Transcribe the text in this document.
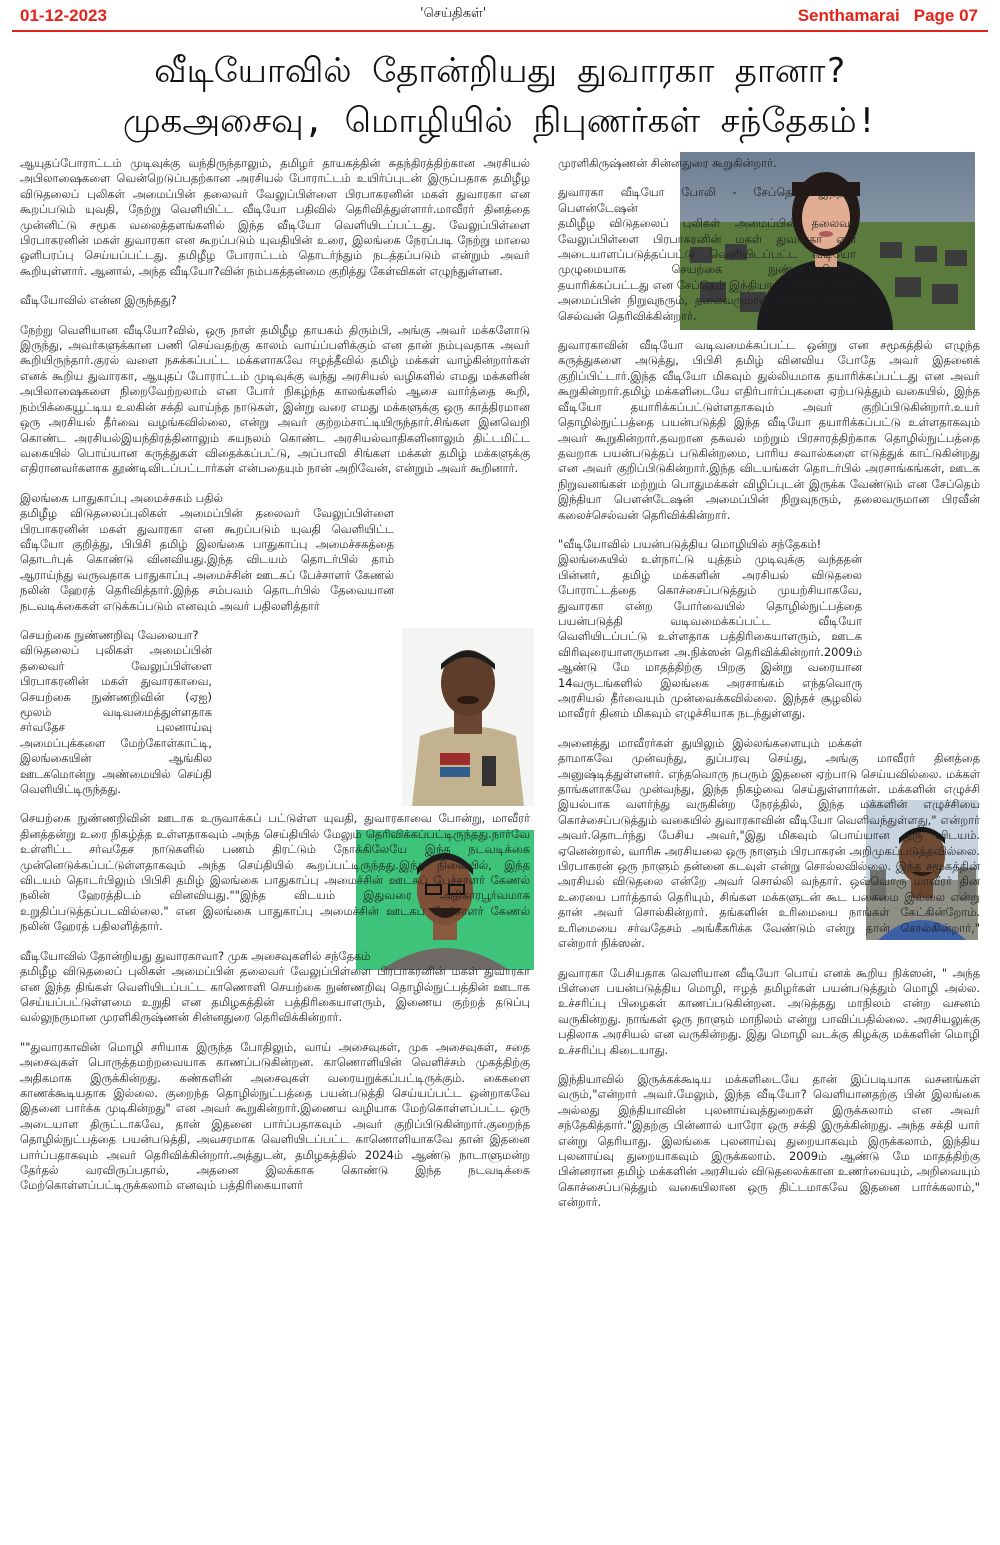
01-12-2023	'செய்திகள்'	Senthamarai Page 07
வீடியோவில் தோன்றியது துவாரகா தானா?
முகஅசைவு, மொழியில் நிபுணர்கள் சந்தேகம்!

ஆயுதப்போராட்டம் முடிவுக்கு வந்திருந்தாலும், தமிழர் தாயகத்தின் சுதந்திரத்திற்கான அரசியல் அபிலாஷைகளை வென்றெடுப்பதற்கான அரசியல் போராட்டம் உயிர்ப்புடன் இருப்பதாக தமிழீழ விடுதலைப் புலிகள் அமைப்பின் தலைவர் வேலுப்பிள்ளை பிரபாகரனின் மகள் துவாரகா என கூறப்படும் யுவதி, நேற்று வெளியிட்ட வீடியோ பதிவில் தெரிவித்துள்ளார்.மாவீரர் தினத்தை முன்னிட்டு சமூக வலைத்தளங்களில் இந்த வீடியோ வெளியிடப்பட்டது. வேலுப்பிள்ளை பிரபாகரனின் மகள் துவாரகா என கூறப்படும் யுவதியின் உரை, இலங்கை நேரப்படி நேற்று மாலை ஒளிபரப்பு செய்யப்பட்டது. தமிழீழ போராட்டம் தொடர்ந்தும் நடத்தப்படும் என்றும் அவர் கூறியுள்ளார். ஆனால், அந்த வீடியோ?வின் நம்பகத்தன்மை குறித்து கேள்விகள் எழுந்துள்ளன.

வீடியோவில் என்ன இருந்தது?

நேற்று வெளியான வீடியோ?வில், ஒரு நாள் தமிழீழ தாயகம் திரும்பி, அங்கு அவர் மக்களோடு இருந்து, அவர்களுக்கான பணி செய்வதற்கு காலம் வாய்ப்பளிக்கும் என தான் நம்புவதாக அவர் கூறியிருந்தார்.குரல் வளை நசுக்கப்பட்ட மக்களாகவே ஈழத்தீவில் தமிழ் மக்கள் வாழ்கின்றார்கள் எனக் கூறிய துவாரகா, ஆயுதப் போராட்டம் முடிவுக்கு வந்து அரசியல் வழிகளில் எமது மக்களின் அபிலாஷைகளை நிறைவேற்றலாம் என போர் நிகழ்ந்த காலங்களில் ஆசை வார்த்தை கூறி, நம்பிக்கையூட்டிய உலகின் சக்தி வாய்ந்த நாடுகள், இன்று வரை எமது மக்களுக்கு ஒரு காத்திரமான ஒரு அரசியல் தீர்வை வழங்கவில்லை, என்று அவர் குற்றம்சாட்டியிருந்தார்.சிங்கள இனவெறி கொண்ட அரசியல்இயந்திரத்தினாலும் சுயநலம் கொண்ட அரசியல்வாதிகளினாலும் திட்டமிட்ட வகையில் பொய்யான கருத்துகள் விதைக்கப்பட்டு, அப்பாவி சிங்கள மக்கள் தமிழ் மக்களுக்கு எதிரானவர்களாக தூண்டிவிடப்பட்டார்கள் என்பதையும் நான் அறிவேன், என்றும் அவர் கூறினார்.

இலங்கை பாதுகாப்பு அமைச்சகம் பதில்

தமிழீழ விடுதலைப்புலிகள் அமைப்பின் தலைவர் வேலுப்பிள்ளை பிரபாகரனின் மகள் துவாரகா என கூறப்படும் யுவதி வெளியிட்ட வீடியோ குறித்து, பிபிசி தமிழ் இலங்கை பாதுகாப்பு அமைச்சகத்தை தொடர்புக் கொண்டு வினவியது.இந்த விடயம் தொடர்பில் தாம் ஆராய்ந்து வருவதாக பாதுகாப்பு அமைச்சின் ஊடகப் பேச்சாளர் கேணல் நலின் ஹேரத் தெரிவித்தார்.இந்த சம்பவம் தொடர்பில் தேவையான நடவடிக்கைகள் எடுக்கப்படும் எனவும் அவர் பதிலளித்தார்

செயற்கை நுண்ணறிவு வேலையா?

விடுதலைப் புலிகள் அமைப்பின் தலைவர் வேலுப்பிள்ளை பிரபாகரனின் மகள் துவாரகாவை, செயற்கை நுண்ணறிவின் (ஏஐ) மூலம் வடிவமைத்துள்ளதாக சர்வதேச புலனாய்வு அமைப்புக்களை மேற்கோள்காட்டி, இலங்கையின் ஆங்கில ஊடகமொன்று அண்மையில் செய்தி வெளியிட்டிருந்தது.

செயற்கை நுண்ணறிவின் ஊடாக உருவாக்கப் பட்டுள்ள யுவதி, துவாரகாவை போன்று, மாவீரர் தினத்தன்று உரை நிகழ்த்த உள்ளதாகவும் அந்த செய்தியில் மேலும் தெரிவிக்கப்பட்டிருந்தது.நார்வே உள்ளிட்ட சர்வதேச நாடுகளில் பணம் திரட்டும் நோக்கிலேயே இந்த நடவடிக்கை முன்னெடுக்கப்பட்டுள்ளதாகவும் அந்த செய்தியில் கூறப்பட்டிருந்தது.இந்த நிலையில், இந்த விடயம் தொடர்பிலும் பிபிசி தமிழ் இலங்கை பாதுகாப்பு அமைச்சின் ஊடகப் பேச்சாளர் கேணல் நலின் ஹேரத்திடம் வினவியது.""இந்த விடயம் இதுவரை அதிகாரபூர்வமாக உறுதிப்படுத்தப்படவில்லை." என இலங்கை பாதுகாப்பு அமைச்சின் ஊடகப் பேச்சாளர் கேணல் நலின் ஹேரத் பதிலளித்தார்.

வீடியோவில் தோன்றியது துவாரகாவா? முக அசைவுகளில் சந்தேகம்

தமிழீழ விடுதலைப் புலிகள் அமைப்பின் தலைவர் வேலுப்பிள்ளை பிரபாகரனின் மகள் துவாரகா என இந்த திங்கள் வெளியிடப்பட்ட காணொளி செயற்கை நுண்ணறிவு தொழில்நுட்பத்தின் ஊடாக செய்யப்பட்டுள்ளமை உறுதி என தமிழகத்தின் பத்திரிகையாளரும், இணைய குற்றத் தடுப்பு வல்லுநருமான முரளிகிருஷ்ணன் சின்னதுரை தெரிவிக்கின்றார்.

""துவாரகாவின் மொழி சரியாக இருந்த போதிலும், வாய் அசைவுகள், முக அசைவுகள், சதை அசைவுகள் பொருத்தமற்றவையாக காணப்படுகின்றன. காணொளியின் வெளிச்சம் முகத்திற்கு அதிகமாக இருக்கின்றது. கண்களின் அசைவுகள் வரையறுக்கப்பட்டிருக்கும். கைகளை காணக்கூடியதாக இல்லை. குறைந்த தொழில்நுட்பத்தை பயன்படுத்தி செய்யப்பட்ட ஒன்றாகவே இதனை பார்க்க முடிகின்றது" என அவர் கூறுகின்றார்.இணைய வழியாக மேற்கொள்ளப்பட்ட ஒரு அடையாள திருட்டாகவே, தான் இதனை பார்ப்பதாகவும் அவர் குறிப்பிடுகின்றார்.குறைந்த தொழில்நுட்பத்தை பயன்படுத்தி, அவசரமாக வெளியிடப்பட்ட காணொளியாகவே தான் இதனை பார்ப்பதாகவும் அவர் தெரிவிக்கின்றார்.அத்துடன், தமிழகத்தில் 2024ம் ஆண்டு நாடாளுமன்ற தேர்தல் வரவிருப்பதால், அதனை இலக்காக கொண்டு இந்த நடவடிக்கை மேற்கொள்ளப்பட்டிருக்கலாம் எனவும் பத்திரிகையாளர்

முரளிகிருஷ்ணன் சின்னதுரை கூறுகின்றார்.

துவாரகா வீடியோ போலி - சேப்தெம் இந்திய பௌன்டேஷன்

தமிழீழ விடுதலைப் புலிகள் அமைப்பின் தலைவர் வேலுப்பிள்ளை பிரபாகரனின் மகள் துவாரகா என அடையாளப்படுத்தப்பட்டு வெளியிடப்பட்ட வீடியோ முழுமையாக செயற்கை நுண்ணறிவினால் தயாரிக்கப்பட்டது என சேப்தெம் இந்தியா பௌன்டேஷன் அமைப்பின் நிறுவுநரும், தலைவருமான பிரவீன் கலைச் செல்வன் தெரிவிக்கின்றார்.

துவாரகாவின் வீடியோ வடிவமைக்கப்பட்ட ஒன்று என சமூகத்தில் எழுந்த கருத்துகளை அடுத்து, பிபிசி தமிழ் வினவிய போதே அவர் இதனைக் குறிப்பிட்டார்.இந்த வீடியோ மிகவும் துல்லியமாக தயாரிக்கப்பட்டது என அவர் கூறுகின்றார்.தமிழ் மக்களிடையே எதிர்பார்ப்புகளை ஏற்படுத்தும் வகையில், இந்த வீடியோ தயாரிக்கப்பட்டுள்ளதாகவும் அவர் குறிப்பிடுகின்றார்.உயர் தொழில்நுட்பத்தை பயன்படுத்தி இந்த வீடியோ தயாரிக்கப்பட்டு உள்ளதாகவும் அவர் கூறுகின்றார்.தவறான தகவல் மற்றும் பிரசாரத்திற்காக தொழில்நுட்பத்தை தவறாக பயன்படுத்தப் படுகின்றமை, பாரிய சவால்களை எடுத்துக் காட்டுகின்றது என அவர் குறிப்பிடுகின்றார்.இந்த விடயங்கள் தொடர்பில் அரசாங்கங்கள், ஊடக நிறுவனங்கள் மற்றும் பொதுமக்கள் விழிப்புடன் இருக்க வேண்டும் என சேப்தெம் இந்தியா பௌன்டேஷன் அமைப்பின் நிறுவுநரும், தலைவருமான பிரவீன் கலைச்செல்வன் தெரிவிக்கின்றார்.

"வீடியோவில் பயன்படுத்திய மொழியில் சந்தேகம்!

இலங்கையில் உள்நாட்டு யுத்தம் முடிவுக்கு வந்ததன் பின்னர், தமிழ் மக்களின் அரசியல் விடுதலை போராட்டத்தை கொச்சைப்படுத்தும் முயற்சியாகவே, துவாரகா என்ற போர்வையில் தொழில்நுட்பத்தை பயன்படுத்தி வடிவமைக்கப்பட்ட வீடியோ வெளியிடப்பட்டு உள்ளதாக பத்திரிகையாளரும், ஊடக விரிவுரையாளருமான அ.நிக்ஸன் தெரிவிக்கின்றார்.2009ம் ஆண்டு மே மாதத்திற்கு பிறகு இன்று வரையான 14வருடங்களில் இலங்கை அரசாங்கம் எந்தவொரு அரசியல் தீர்வையும் முன்வைக்கவில்லை. இந்தச் சூழலில் மாவீரர் தினம் மிகவும் எழுச்சியாக நடந்துள்ளது.

அனைத்து மாவீரர்கள் துயிலும் இல்லங்களையும் மக்கள் தாமாகவே முன்வந்து, துப்பரவு செய்து, அங்கு மாவீரர் தினத்தை அனுஷ்டித்துள்ளனர். எந்தவொரு நபரும் இதனை ஏற்பாடு செய்யவில்லை. மக்கள் தாங்களாகவே முன்வந்து, இந்த நிகழ்வை செய்துள்ளார்கள். மக்களின் எழுச்சி இயல்பாக வளர்ந்து வருகின்ற நேரத்தில், இந்த மக்களின் எழுச்சியை கொச்சைப்படுத்தும் வகையில் துவாரகாவின் வீடியோ வெளிவந்துள்ளது," என்றார் அவர்.தொடர்ந்து பேசிய அவர்,"இது மிகவும் பொய்யான ஒரு விடயம். ஏனென்றால், வாரிசு அரசியலை ஒரு நாளும் பிரபாகரன் அறிமுகப்படுத்தவில்லை. பிரபாகரன் ஒரு நாளும் தன்னை கடவுள் என்று சொல்லவில்லை. இந்த சமூகத்தின் அரசியல் விடுதலை என்றே அவர் சொல்லி வந்தார். ஒவ்வொரு மாவீரர் தின உரையை பார்த்தால் தெரியும், சிங்கள மக்களுடன் கூட பகைமை இல்லை என்று தான் அவர் சொல்கின்றார். தங்களின் உரிமையை நாங்கள் கேட்கின்றோம். உரிமையை சர்வதேசம் அங்கீகரிக்க வேண்டும் என்று தான் சொல்கின்றார்," என்றார் நிக்ஸன்.

துவாரகா பேசியதாக வெளியான வீடியோ பொய் எனக் கூறிய நிக்ஸன், " அந்த பிள்ளை பயன்படுத்திய மொழி, ஈழத் தமிழர்கள் பயன்படுத்தும் மொழி அல்ல. உச்சரிப்பு பிழைகள் காணப்படுகின்றன. அடுத்தது மாநிலம் என்ற வசனம் வருகின்றது. நாங்கள் ஒரு நாளும் மாநிலம் என்று பாவிப்பதில்லை. அரசியலுக்கு பதிலாக அரசியல் என வருகின்றது. இது மொழி வடக்கு கிழக்கு மக்களின் மொழி உச்சரிப்பு கிடையாது.

இந்தியாவில் இருக்கக்கூடிய மக்களிடையே தான் இப்படியாக வசனங்கள் வரும்,"என்றார் அவர்.மேலும், இந்த வீடியோ? வெளியானதற்கு பின் இலங்கை அல்லது இந்தியாவின் புலனாய்வுத்துறைகள் இருக்கலாம் என அவர் சந்தேகித்தார்."இதற்கு பின்னால் யாரோ ஒரு சக்தி இருக்கின்றது. அந்த சக்தி யார் என்று தெரியாது. இலங்கை புலனாய்வு துறையாகவும் இருக்கலாம், இந்திய புலனாய்வு துறையாகவும் இருக்கலாம். 2009ம் ஆண்டு மே மாதத்திற்கு பின்னரான தமிழ் மக்களின் அரசியல் விடுதலைக்கான உணர்வையும், அறிவையும் கொச்சைப்படுத்தும் வகையிலான ஒரு திட்டமாகவே இதனை பார்க்கலாம்," என்றார்.
